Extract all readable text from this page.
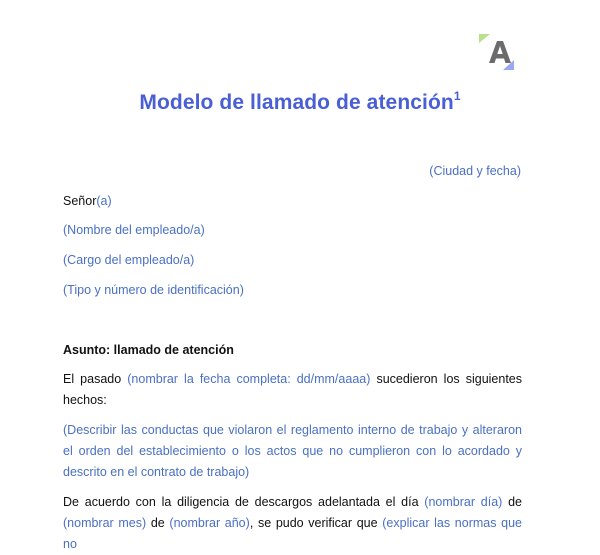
Modelo de llamado de atención$^1$
(Ciudad y fecha)
Señor(a)
(Nombre del empleado/a)
(Cargo del empleado/a)
(Tipo y número de identificación)
Asunto: llamado de atención
El pasado (nombrar la fecha completa: dd/mm/aaaa) sucedieron los siguientes hechos:
(Describir las conductas que violaron el reglamento interno de trabajo y alteraron el orden del establecimiento o los actos que no cumplieron con lo acordado y descrito en el contrato de trabajo)
De acuerdo con la diligencia de descargos adelantada el día (nombrar día) de (nombrar mes) de (nombrar año), se pudo verificar que (explicar las normas que no
